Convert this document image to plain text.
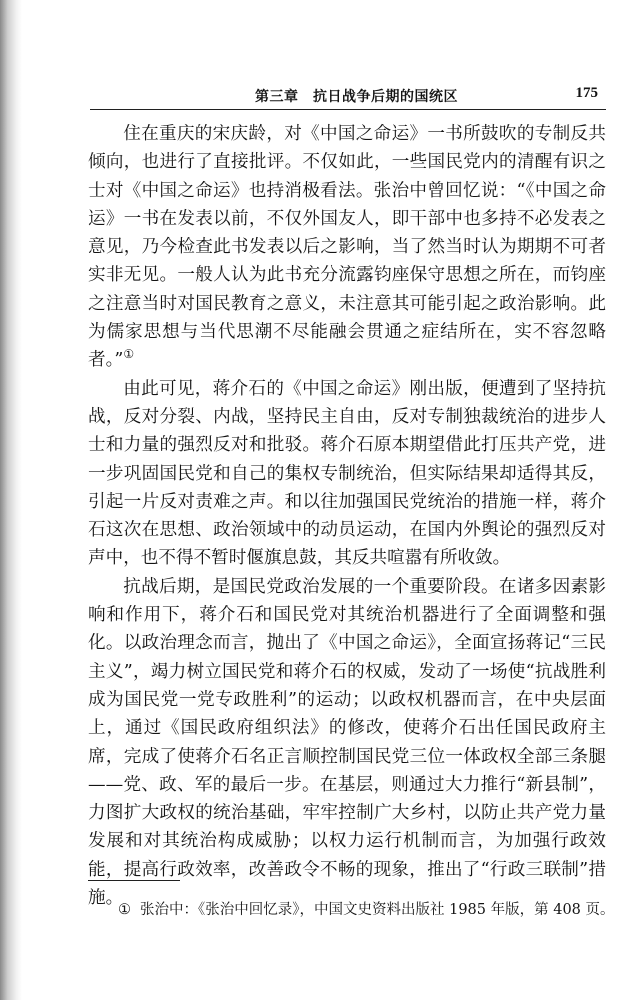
第三章　抗日战争后期的国统区	175

住在重庆的宋庆龄，对《中国之命运》一书所鼓吹的专制反共倾向，也进行了直接批评。不仅如此，一些国民党内的清醒有识之士对《中国之命运》也持消极看法。张治中曾回忆说：“《中国之命运》一书在发表以前，不仅外国友人，即干部中也多持不必发表之意见，乃今检查此书发表以后之影响，当了然当时认为期期不可者实非无见。一般人认为此书充分流露钧座保守思想之所在，而钧座之注意当时对国民教育之意义，未注意其可能引起之政治影响。此为儒家思想与当代思潮不尽能融会贯通之症结所在，实不容忽略者。”①

由此可见，蒋介石的《中国之命运》刚出版，便遭到了坚持抗战，反对分裂、内战，坚持民主自由，反对专制独裁统治的进步人士和力量的强烈反对和批驳。蒋介石原本期望借此打压共产党，进一步巩固国民党和自己的集权专制统治，但实际结果却适得其反，引起一片反对责难之声。和以往加强国民党统治的措施一样，蒋介石这次在思想、政治领域中的动员运动，在国内外舆论的强烈反对声中，也不得不暂时偃旗息鼓，其反共喧嚣有所收敛。

抗战后期，是国民党政治发展的一个重要阶段。在诸多因素影响和作用下，蒋介石和国民党对其统治机器进行了全面调整和强化。以政治理念而言，抛出了《中国之命运》，全面宣扬蒋记“三民主义”，竭力树立国民党和蒋介石的权威，发动了一场使“抗战胜利成为国民党一党专政胜利”的运动；以政权机器而言，在中央层面上，通过《国民政府组织法》的修改，使蒋介石出任国民政府主席，完成了使蒋介石名正言顺控制国民党三位一体政权全部三条腿——党、政、军的最后一步。在基层，则通过大力推行“新县制”，力图扩大政权的统治基础，牢牢控制广大乡村，以防止共产党力量发展和对其统治构成威胁；以权力运行机制而言，为加强行政效能，提高行政效率，改善政令不畅的现象，推出了“行政三联制”措施。

① 张治中：《张治中回忆录》，中国文史资料出版社 1985 年版，第 408 页。
